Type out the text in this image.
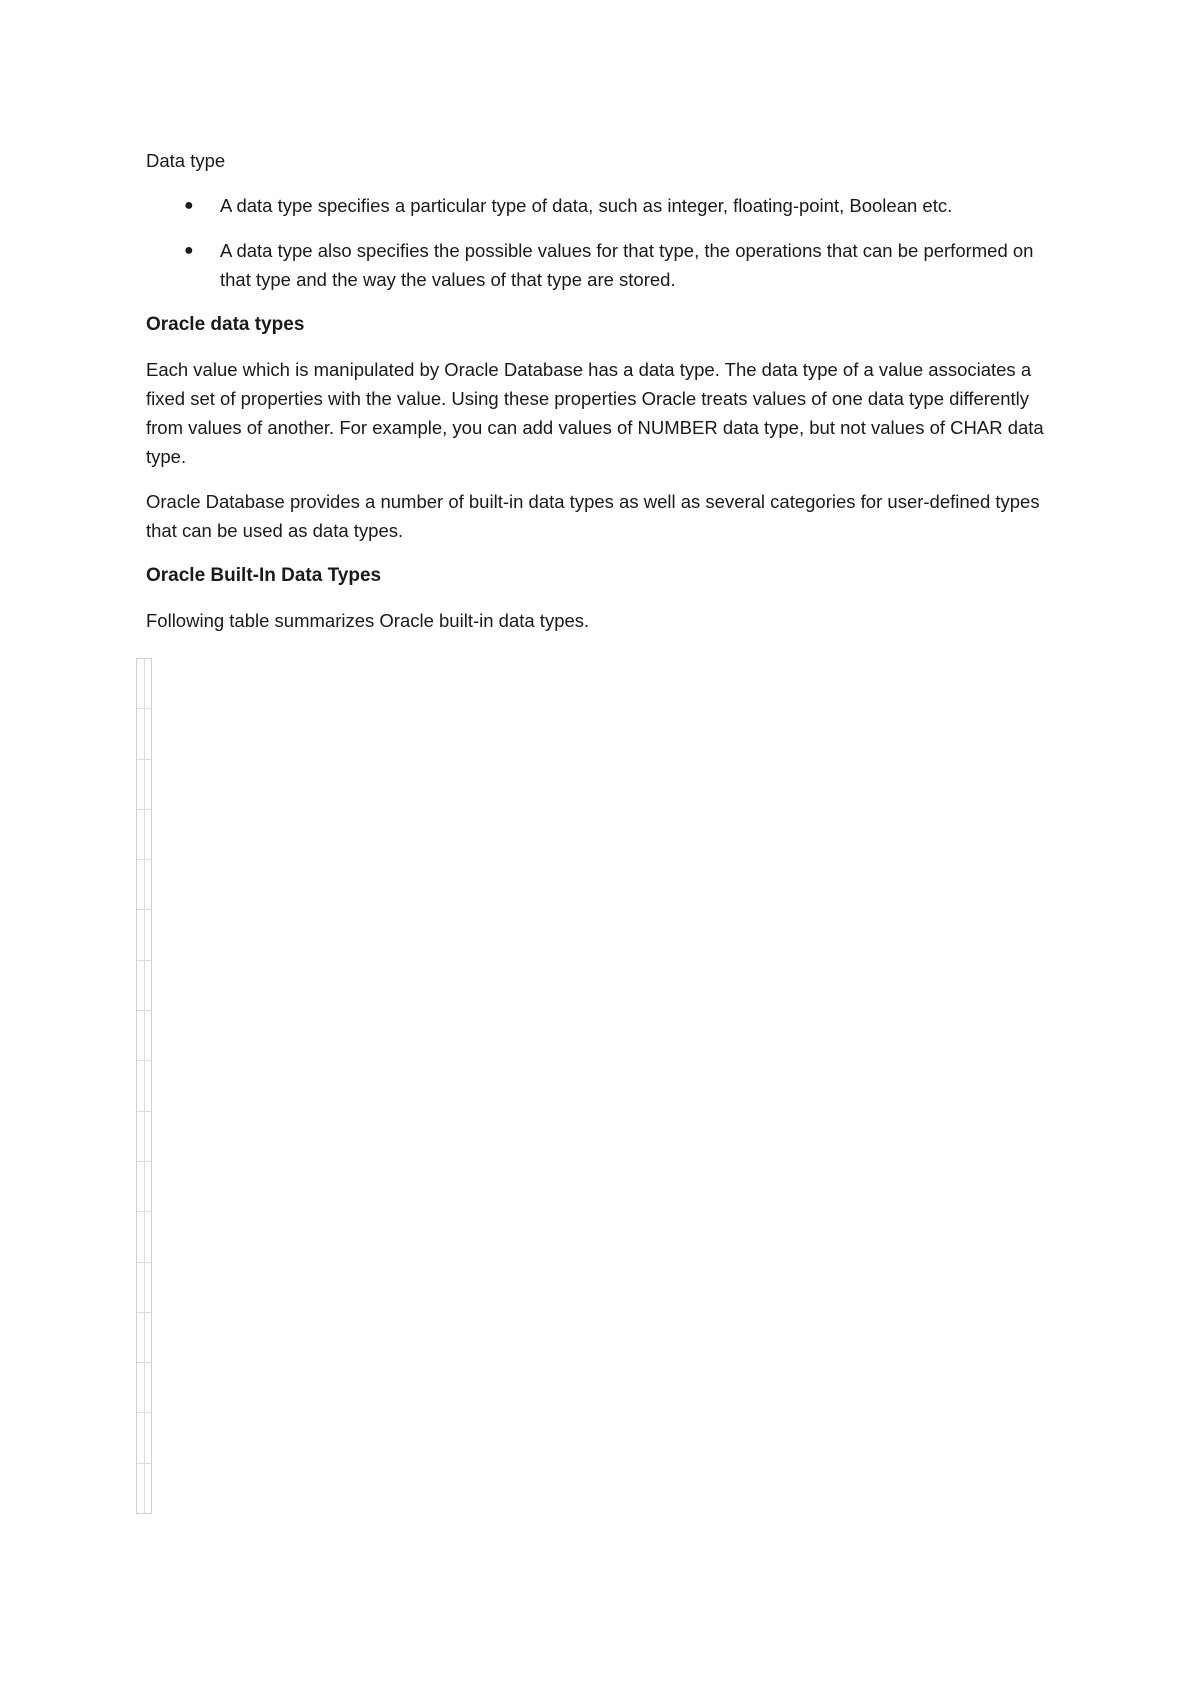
Data type

● A data type specifies a particular type of data, such as integer, floating-point, Boolean etc.
● A data type also specifies the possible values for that type, the operations that can be performed on that type and the way the values of that type are stored.

Oracle data types

Each value which is manipulated by Oracle Database has a data type. The data type of a value associates a fixed set of properties with the value. Using these properties Oracle treats values of one data type differently from values of another. For example, you can add values of NUMBER data type, but not values of CHAR data type.

Oracle Database provides a number of built-in data types as well as several categories for user-defined types that can be used as data types.

Oracle Built-In Data Types

Following table summarizes Oracle built-in data types.
